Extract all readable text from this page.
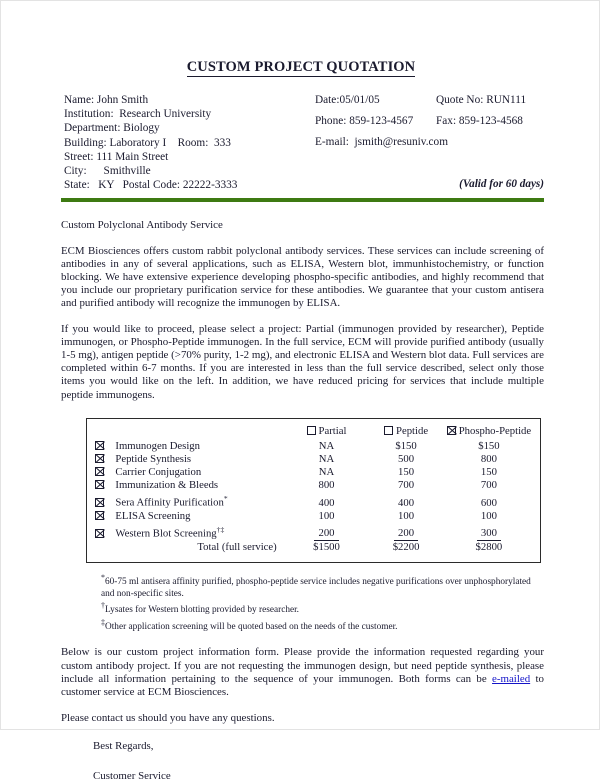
CUSTOM PROJECT QUOTATION
Name: John Smith
Institution:  Research University
Department: Biology
Building: Laboratory I    Room:  333
Street: 111 Main Street
City:      Smithville
State:   KY   Postal Code: 22222-3333
Date:05/01/05	Quote No: RUN111
Phone: 859-123-4567	Fax: 859-123-4568
E-mail:  jsmith@resuniv.com
(Valid for 60 days)
Custom Polyclonal Antibody Service
ECM Biosciences offers custom rabbit polyclonal antibody services. These services can include screening of antibodies in any of several applications, such as ELISA, Western blot, immunhistochemistry, or function blocking. We have extensive experience developing phospho-specific antibodies, and highly recommend that you include our proprietary purification service for these antibodies. We guarantee that your custom antisera and purified antibody will recognize the immunogen by ELISA.
If you would like to proceed, please select a project: Partial (immunogen provided by researcher), Peptide immunogen, or Phospho-Peptide immunogen. In the full service, ECM will provide purified antibody (usually 1-5 mg), antigen peptide (>70% purity, 1-2 mg), and electronic ELISA and Western blot data. Full services are completed within 6-7 months. If you are interested in less than the full service described, select only those items you would like on the left. In addition, we have reduced pricing for services that include multiple peptide immunogens.
		Partial	Peptide	Phospho-Peptide
	Immunogen Design	NA	$150	$150
	Peptide Synthesis	NA	500	800
	Carrier Conjugation	NA	150	150
	Immunization & Bleeds	800	700	700
	Sera Affinity Purification*	400	400	600
	ELISA Screening	100	100	100
	Western Blot Screening†‡	200	200	300
	Total (full service)	$1500	$2200	$2800
*60-75 ml antisera affinity purified, phospho-peptide service includes negative purifications over unphosphorylated and non-specific sites.
†Lysates for Western blotting provided by researcher.
‡Other application screening will be quoted based on the needs of the customer.
Below is our custom project information form. Please provide the information requested regarding your custom antibody project. If you are not requesting the immunogen design, but need peptide synthesis, please include all information pertaining to the sequence of your immunogen. Both forms can be e-mailed to customer service at ECM Biosciences.
Please contact us should you have any questions.
Best Regards,
Customer Service
